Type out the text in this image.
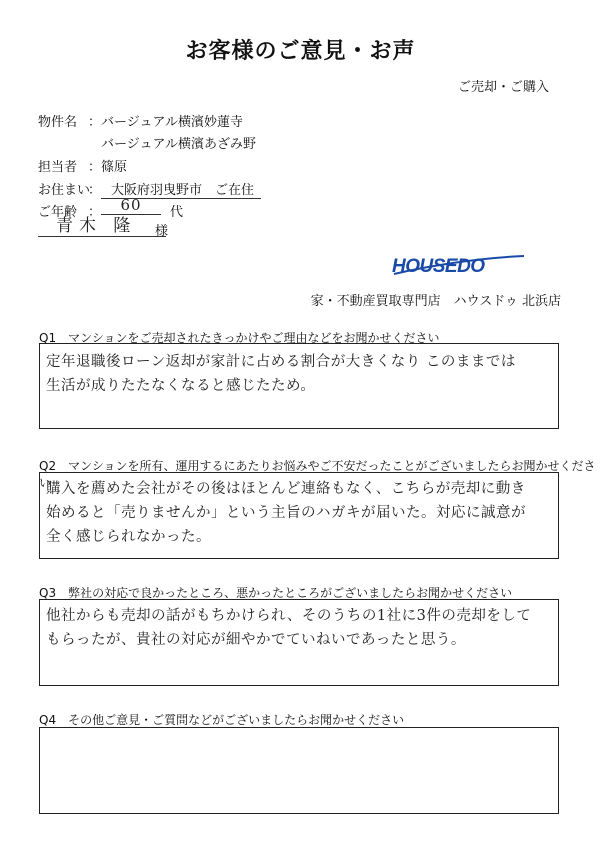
お客様のご意見・お声
ご売却・ご購入
物件名 ： バージュアル横濱妙蓮寺
バージュアル横濱あざみ野
担当者 ： 篠原
お住まい
： 大阪府羽曳野市　ご在住
ご年齢 ：	60	代
青木 隆	様
HOUSEDO
家・不動産買取専門店　ハウスドゥ 北浜店
Q1　マンションをご売却されたきっかけやご理由などをお聞かせください
定年退職後ローン返却が家計に占める割合が大きくなり このままでは
生活が成りたたなくなると感じたため。
Q2　マンションを所有、運用するにあたりお悩みやご不安だったことがございましたらお聞かせください
購入を薦めた会社がその後はほとんど連絡もなく、こちらが売却に動き
始めると「売りませんか」という主旨のハガキが届いた。対応に誠意が
全く感じられなかった。
Q3　弊社の対応で良かったところ、悪かったところがございましたらお聞かせください
他社からも売却の話がもちかけられ、そのうちの1社に3件の売却をして
もらったが、貴社の対応が細やかでていねいであったと思う。
Q4　その他ご意見・ご質問などがございましたらお聞かせください
